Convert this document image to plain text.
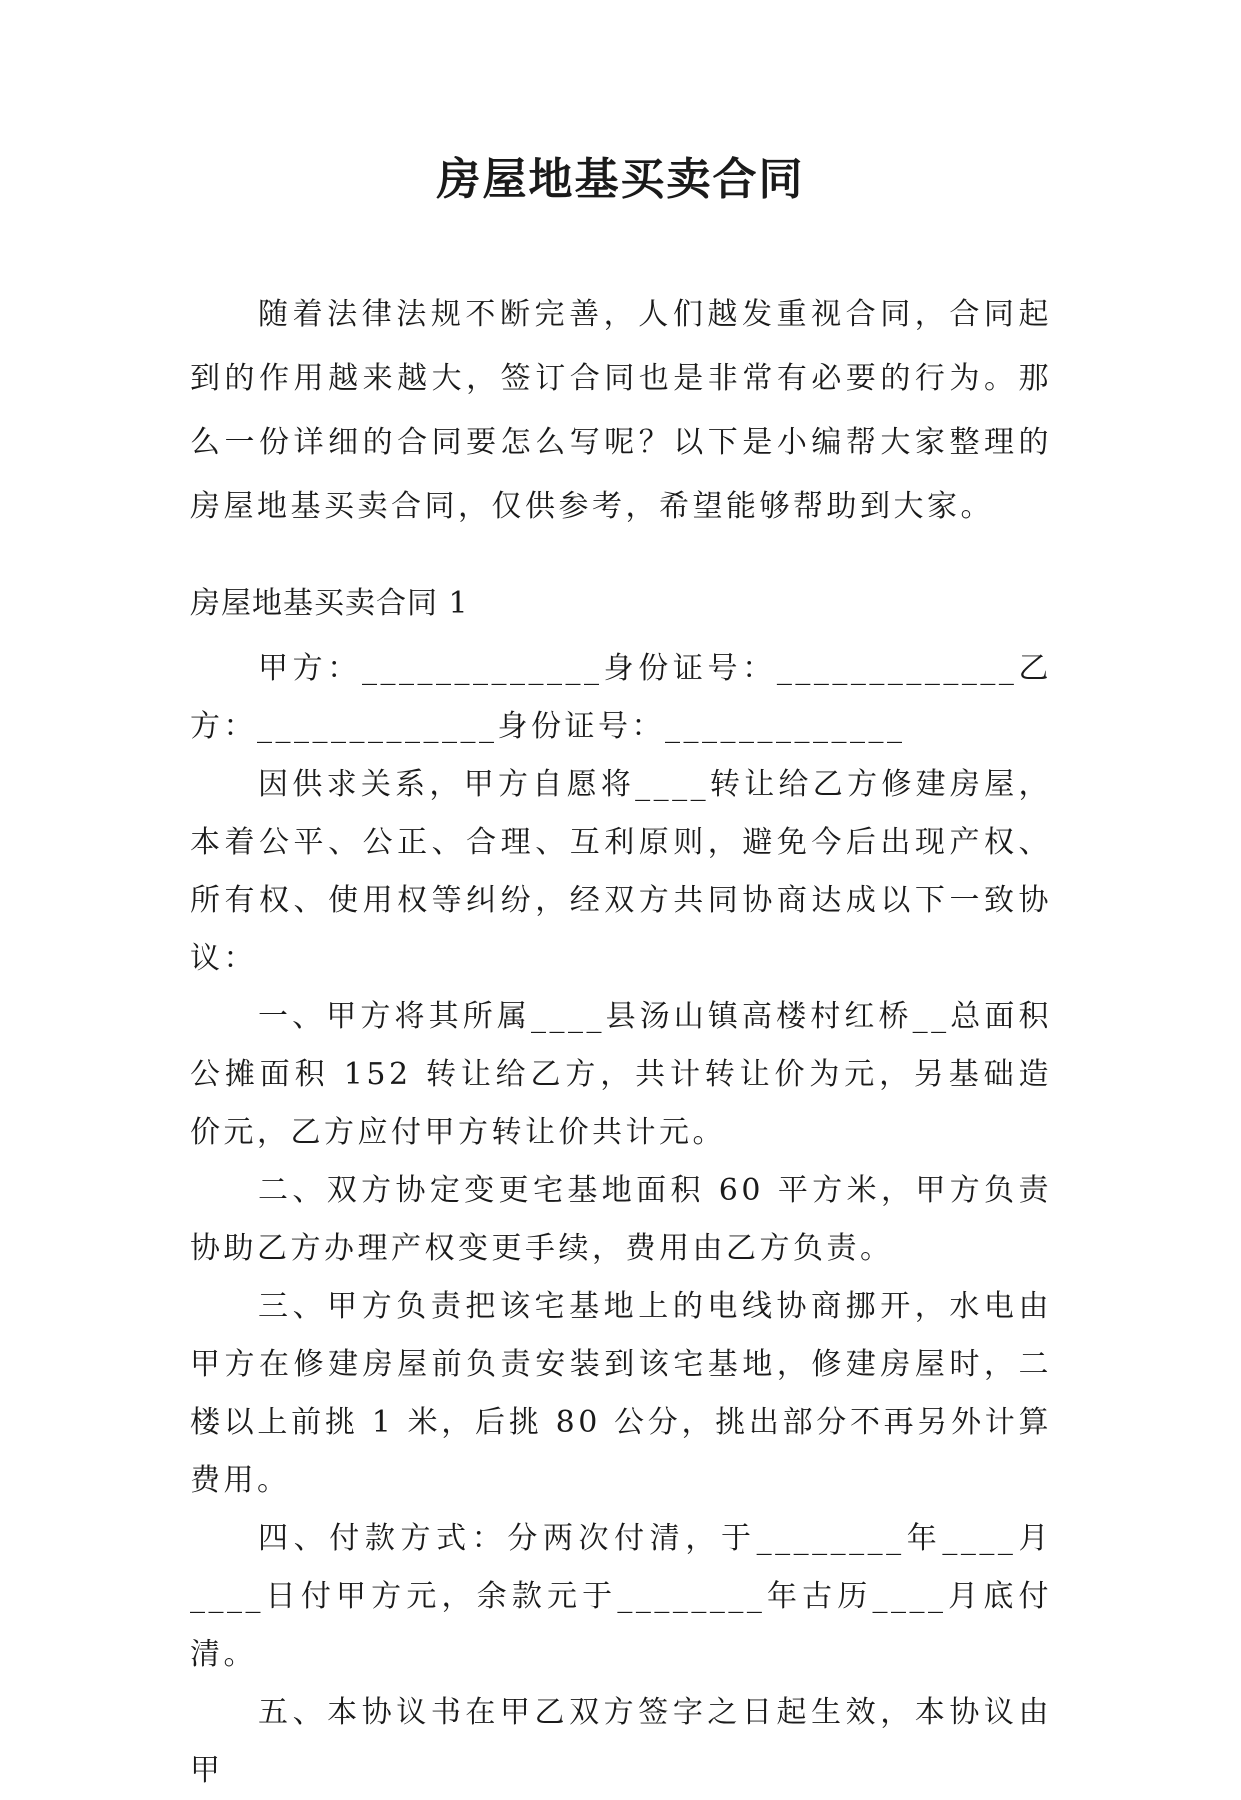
房屋地基买卖合同

随着法律法规不断完善，人们越发重视合同，合同起到的作用越来越大，签订合同也是非常有必要的行为。那么一份详细的合同要怎么写呢？以下是小编帮大家整理的房屋地基买卖合同，仅供参考，希望能够帮助到大家。

房屋地基买卖合同 1

甲方：_____________身份证号：_____________乙方：_____________身份证号：_____________

因供求关系，甲方自愿将____转让给乙方修建房屋，本着公平、公正、合理、互利原则，避免今后出现产权、所有权、使用权等纠纷，经双方共同协商达成以下一致协议：

一、甲方将其所属____县汤山镇高楼村红桥__总面积公摊面积 152 转让给乙方，共计转让价为元，另基础造价元，乙方应付甲方转让价共计元。

二、双方协定变更宅基地面积 60 平方米，甲方负责协助乙方办理产权变更手续，费用由乙方负责。

三、甲方负责把该宅基地上的电线协商挪开，水电由甲方在修建房屋前负责安装到该宅基地，修建房屋时，二楼以上前挑 1 米，后挑 80 公分，挑出部分不再另外计算费用。

四、付款方式：分两次付清，于________年____月____日付甲方元，余款元于________年古历____月底付清。

五、本协议书在甲乙双方签字之日起生效，本协议由甲
